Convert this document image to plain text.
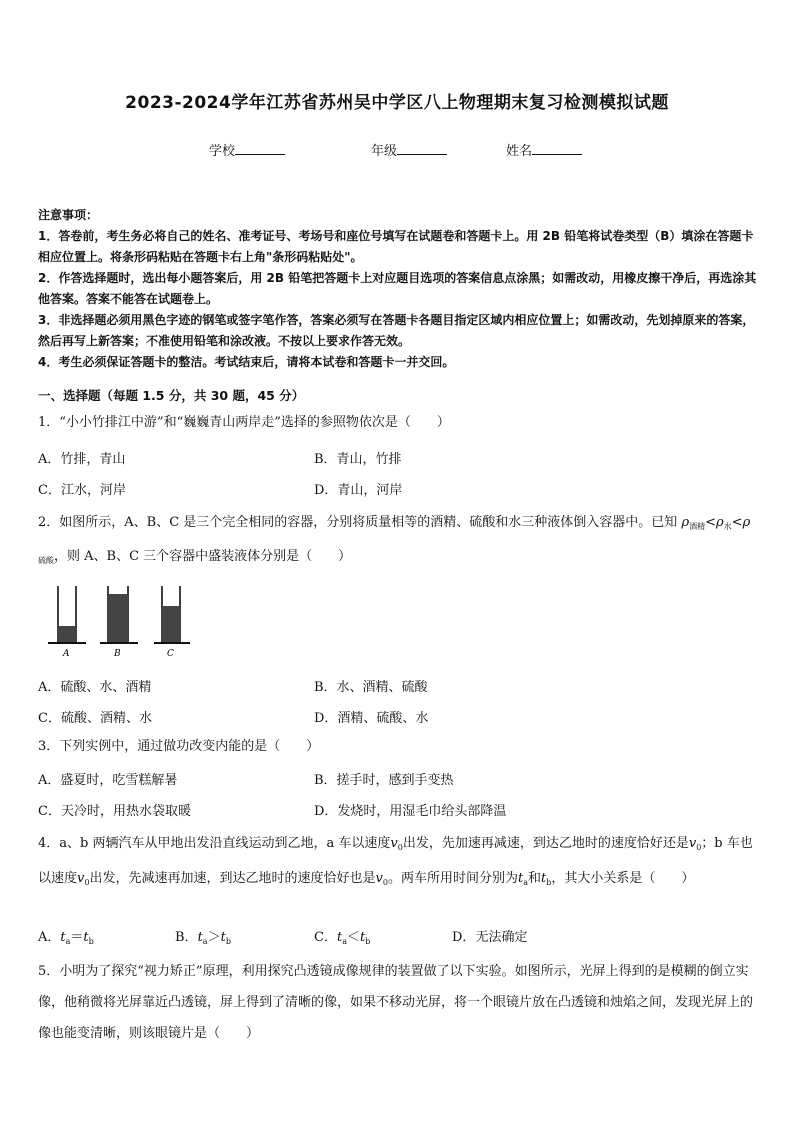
2023-2024学年江苏省苏州吴中学区八上物理期末复习检测模拟试题
学校	年级	姓名

注意事项：

1．答卷前，考生务必将自己的姓名、准考证号、考场号和座位号填写在试题卷和答题卡上。用 2B 铅笔将试卷类型（B）填涂在答题卡相应位置上。将条形码粘贴在答题卡右上角"条形码粘贴处"。

2．作答选择题时，选出每小题答案后，用 2B 铅笔把答题卡上对应题目选项的答案信息点涂黑；如需改动，用橡皮擦干净后，再选涂其他答案。答案不能答在试题卷上。

3．非选择题必须用黑色字迹的钢笔或签字笔作答，答案必须写在答题卡各题目指定区域内相应位置上；如需改动，先划掉原来的答案，然后再写上新答案；不准使用铅笔和涂改液。不按以上要求作答无效。

4．考生必须保证答题卡的整洁。考试结束后，请将本试卷和答题卡一并交回。

一、选择题（每题 1.5 分，共 30 题，45 分）
1．“小小竹排江中游”和“巍巍青山两岸走”选择的参照物依次是（　　）
A．竹排，青山	B．青山，竹排
C．江水，河岸	D．青山，河岸
2．如图所示，A、B、C 是三个完全相同的容器，分别将质量相等的酒精、硫酸和水三种液体倒入容器中。已知 $\rho_{酒精}<\rho_水<\rho_{硫酸}$，则 A、B、C 三个容器中盛装液体分别是（　　）
A	B	C
A．硫酸、水、酒精	B．水、酒精、硫酸
C．硫酸、酒精、水	D．酒精、硫酸、水
3．下列实例中，通过做功改变内能的是（　　）
A．盛夏时，吃雪糕解暑	B．搓手时，感到手变热
C．天冷时，用热水袋取暖	D．发烧时，用湿毛巾给头部降温
4．a、b 两辆汽车从甲地出发沿直线运动到乙地，a 车以速度$v_0$出发，先加速再减速，到达乙地时的速度恰好还是$v_0$；b 车也以速度$v_0$出发，先减速再加速，到达乙地时的速度恰好也是$v_0$。两车所用时间分别为$t_a$和$t_b$，其大小关系是（　　）
A．$t_a=t_b$	B．$t_a>t_b$	C．$t_a<t_b$	D．无法确定
5．小明为了探究“视力矫正”原理，利用探究凸透镜成像规律的装置做了以下实验。如图所示，光屏上得到的是模糊的倒立实像，他稍微将光屏靠近凸透镜，屏上得到了清晰的像，如果不移动光屏，将一个眼镜片放在凸透镜和烛焰之间，发现光屏上的像也能变清晰，则该眼镜片是（　　）
